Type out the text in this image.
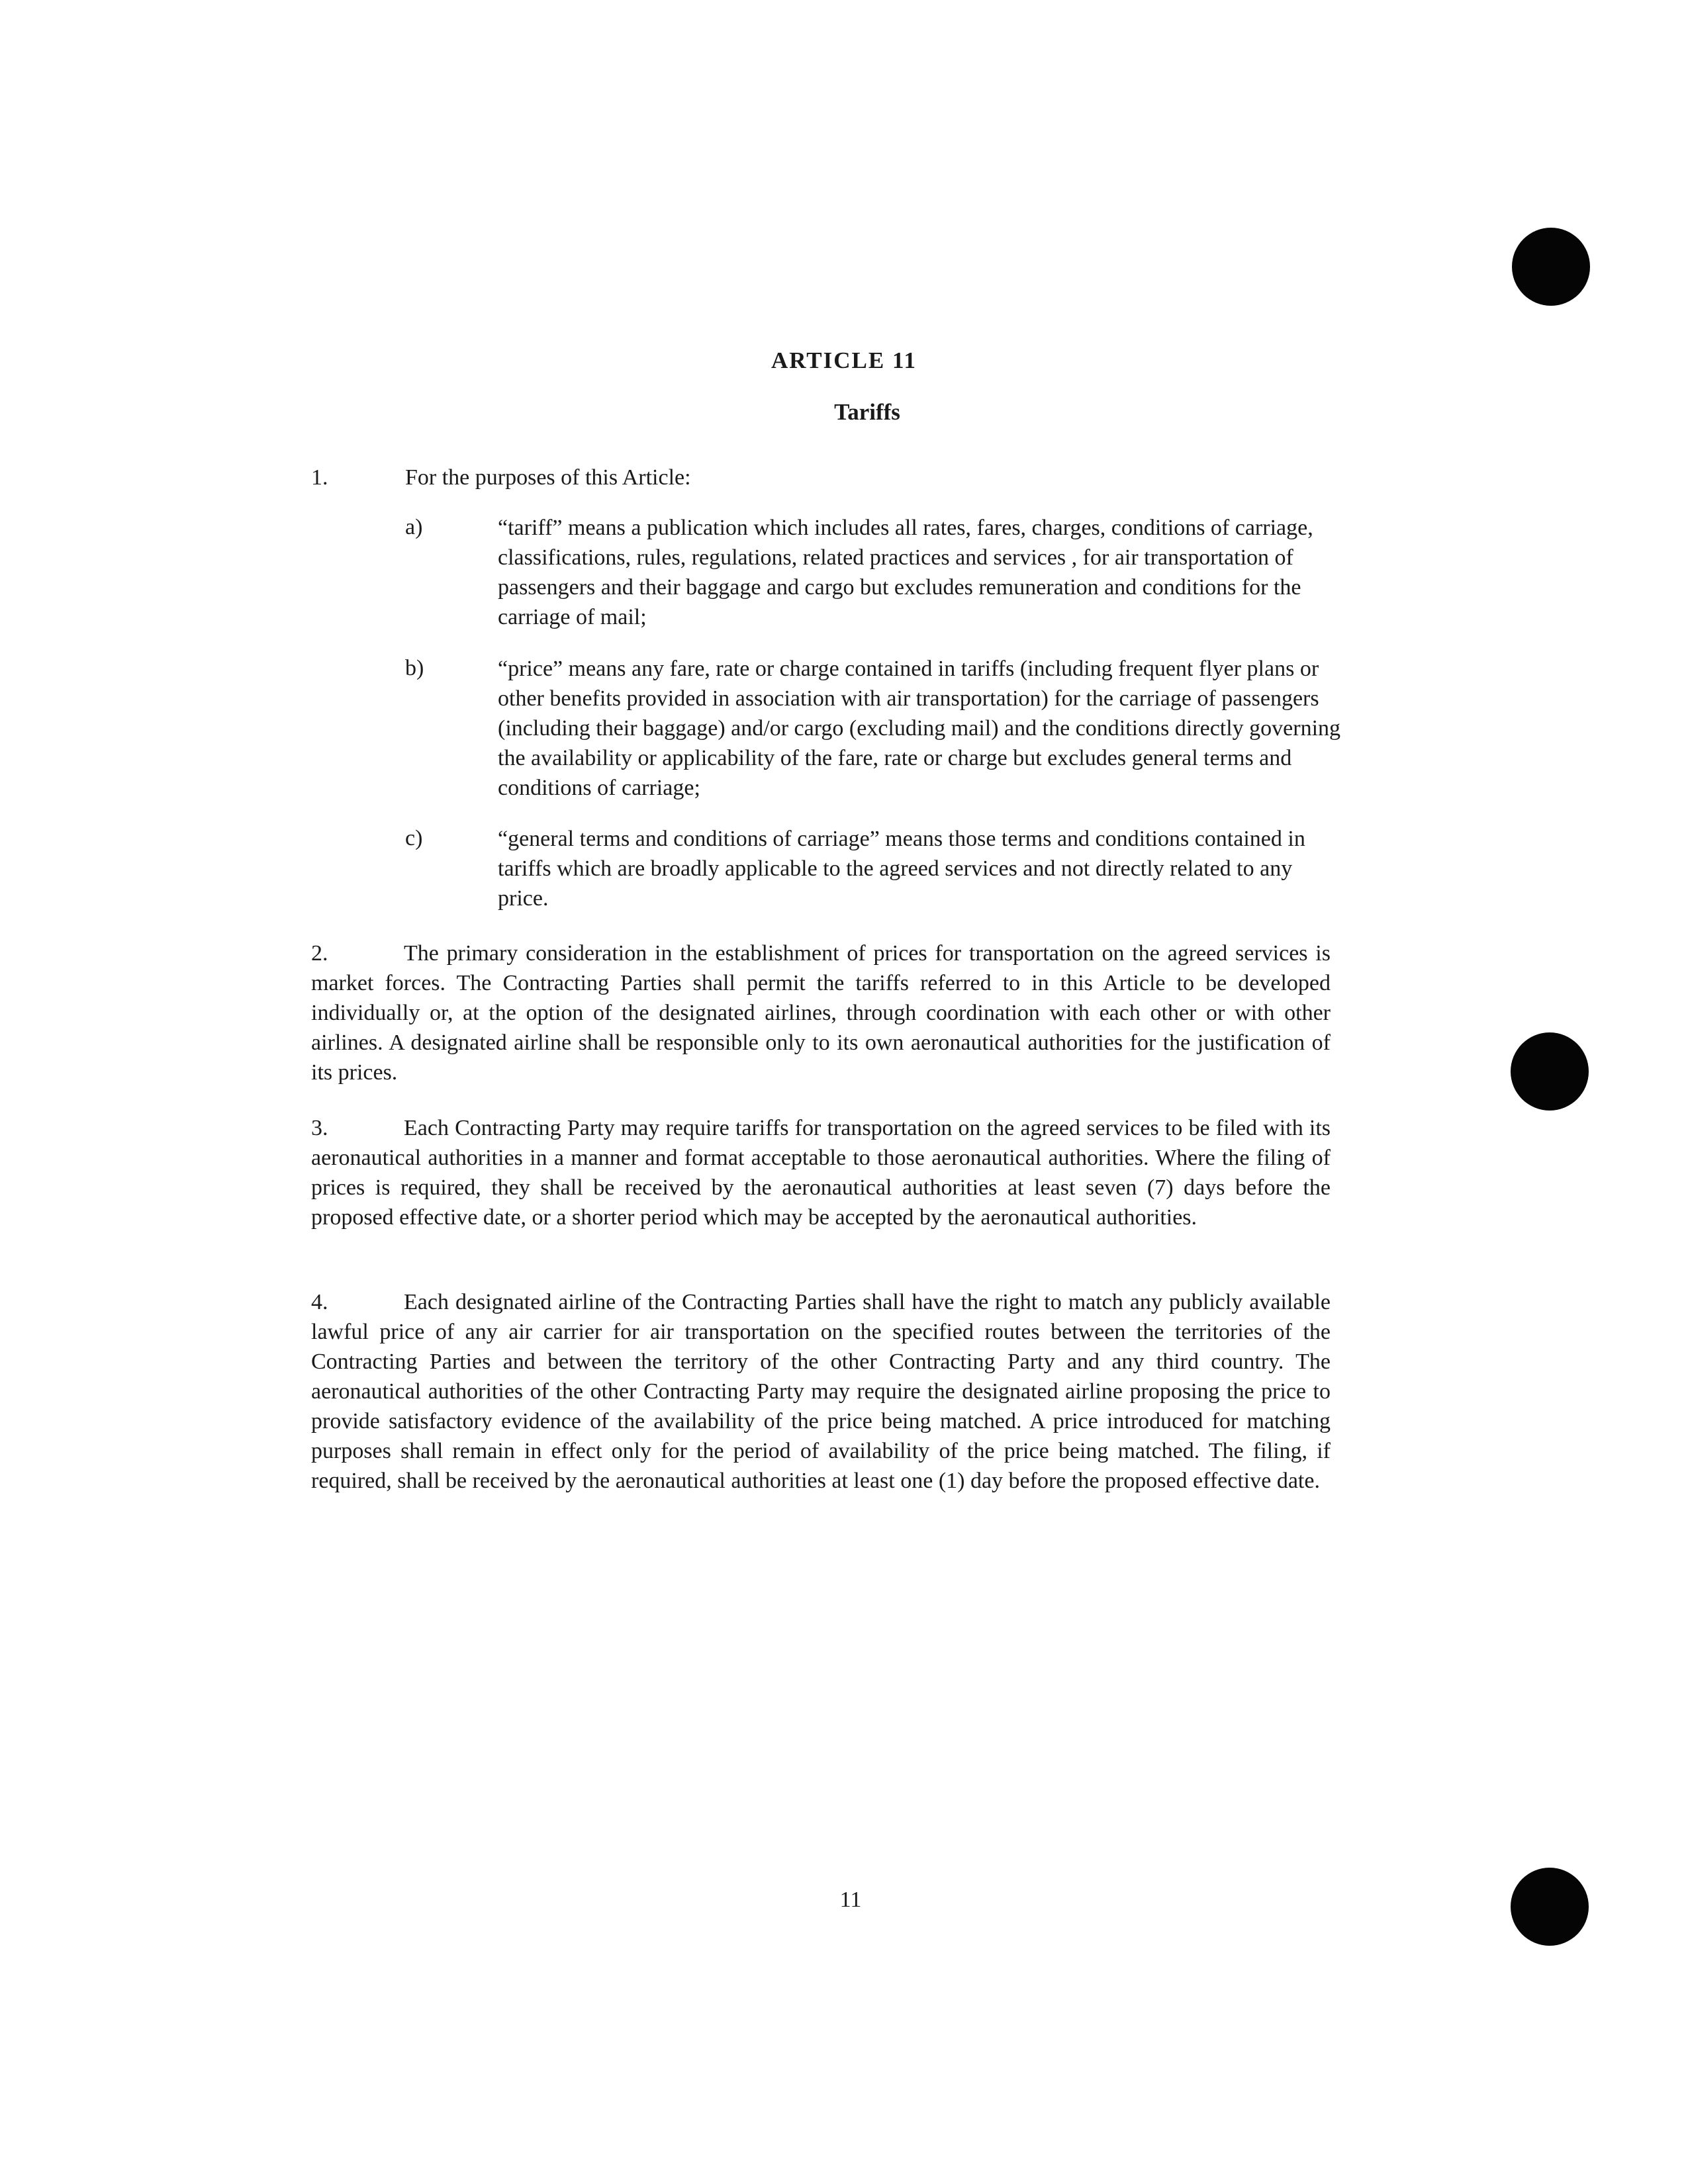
ARTICLE 11
Tariffs
1.	For the purposes of this Article:
a)	“tariff” means a publication which includes all rates, fares, charges, conditions of carriage, classifications, rules, regulations, related practices and services , for air transportation of passengers and their baggage and cargo but excludes remuneration and conditions for the carriage of mail;
b)	“price” means any fare, rate or charge contained in tariffs (including frequent flyer plans or other benefits provided in association with air transportation) for the carriage of passengers (including their baggage) and/or cargo (excluding mail) and the conditions directly governing the availability or applicability of the fare, rate or charge but excludes general terms and conditions of carriage;
c)	“general terms and conditions of carriage” means those terms and conditions contained in tariffs which are broadly applicable to the agreed services and not directly related to any price.
2.	The primary consideration in the establishment of prices for transportation on the agreed services is market forces. The Contracting Parties shall permit the tariffs referred to in this Article to be developed individually or, at the option of the designated airlines, through coordination with each other or with other airlines. A designated airline shall be responsible only to its own aeronautical authorities for the justification of its prices.
3.	Each Contracting Party may require tariffs for transportation on the agreed services to be filed with its aeronautical authorities in a manner and format acceptable to those aeronautical authorities. Where the filing of prices is required, they shall be received by the aeronautical authorities at least seven (7) days before the proposed effective date, or a shorter period which may be accepted by the aeronautical authorities.
4.	Each designated airline of the Contracting Parties shall have the right to match any publicly available lawful price of any air carrier for air transportation on the specified routes between the territories of the Contracting Parties and between the territory of the other Contracting Party and any third country. The aeronautical authorities of the other Contracting Party may require the designated airline proposing the price to provide satisfactory evidence of the availability of the price being matched. A price introduced for matching purposes shall remain in effect only for the period of availability of the price being matched. The filing, if required, shall be received by the aeronautical authorities at least one (1) day before the proposed effective date.
11
